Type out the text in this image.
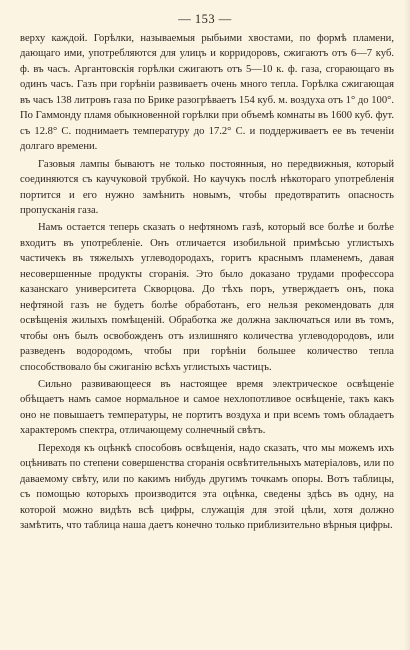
— 153 —

верху каждой. Горѣлки, называемыя рыбьими хвостами, по формѣ пламени, дающаго ими, употребляются для улицъ и корридоровъ, сжигаютъ отъ 6—7 куб. ф. въ часъ. Аргантовскія горѣлки сжигаютъ отъ 5—10 к. ф. газа, сгорающаго въ одинъ часъ. Газъ при горѣніи развиваетъ очень много тепла. Горѣлка сжигающая въ часъ 138 литровъ газа по Брике разогрѣваетъ 154 куб. м. воздуха отъ 1° до 100°. По Гаммонду пламя обыкновенной горѣлки при объемѣ комнаты въ 1600 куб. фут. съ 12.8° С. поднимаетъ температуру до 17.2° С. и поддерживаетъ ее въ теченіи долгаго времени.

Газовыя лампы бываютъ не только постоянныя, но передвижныя, который соединяются съ каучуковой трубкой. Но каучукъ послѣ нѣкотораго употребленія портится и его нужно замѣнить новымъ, чтобы предотвратить опасность пропусканія газа.

Намъ остается теперь сказать о нефтяномъ газѣ, который все болѣе и болѣе входитъ въ употребленіе. Онъ отличается изобильной примѣсью углистыхъ частичекъ въ тяжелыхъ углеводородахъ, горитъ краснымъ пламенемъ, давая несовершенные продукты сгоранія. Это было доказано трудами профессора казанскаго университета Скворцова. До тѣхъ поръ, утверждаетъ онъ, пока нефтяной газъ не будетъ болѣе обработанъ, его нельзя рекомендовать для освѣщенія жилыхъ помѣщеній. Обработка же должна заключаться или въ томъ, чтобы онъ былъ освобожденъ отъ излишняго количества углеводородовъ, или разведенъ водородомъ, чтобы при горѣніи большее количество тепла способствовало бы сжиганію всѣхъ углистыхъ частицъ.

Сильно развивающееся въ настоящее время электрическое освѣщеніе обѣщаетъ намъ самое нормальное и самое нехлопотливое освѣщеніе, такъ какъ оно не повышаетъ температуры, не портитъ воздуха и при всемъ томъ обладаетъ характеромъ спектра, отличающему солнечный свѣтъ.

Переходя къ оцѣнкѣ способовъ освѣщенія, надо сказать, что мы можемъ ихъ оцѣнивать по степени совершенства сгоранія освѣтительныхъ матеріаловъ, или по даваемому свѣту, или по какимъ нибудь другимъ точкамъ опоры. Вотъ таблицы, съ помощью которыхъ производится эта оцѣнка, сведены здѣсь въ одну, на которой можно видѣть всѣ цифры, служащія для этой цѣли, хотя должно замѣтить, что таблица наша даетъ конечно только приблизительно вѣрныя цифры.
